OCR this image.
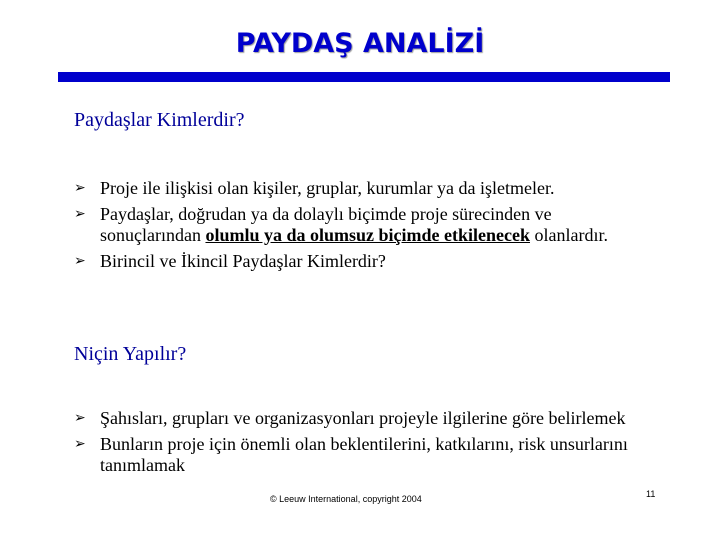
PAYDAŞ ANALİZİ
Paydaşlar Kimlerdir?
➢ Proje ile ilişkisi olan kişiler, gruplar, kurumlar ya da işletmeler.
➢ Paydaşlar, doğrudan ya da dolaylı biçimde proje sürecinden ve sonuçlarından olumlu ya da olumsuz biçimde etkilenecek olanlardır.
➢ Birincil ve İkincil Paydaşlar Kimlerdir?
Niçin Yapılır?
➢ Şahısları, grupları ve organizasyonları projeyle ilgilerine göre belirlemek
➢ Bunların proje için önemli olan beklentilerini, katkılarını, risk unsurlarını tanımlamak
© Leeuw International, copyright 2004	11
